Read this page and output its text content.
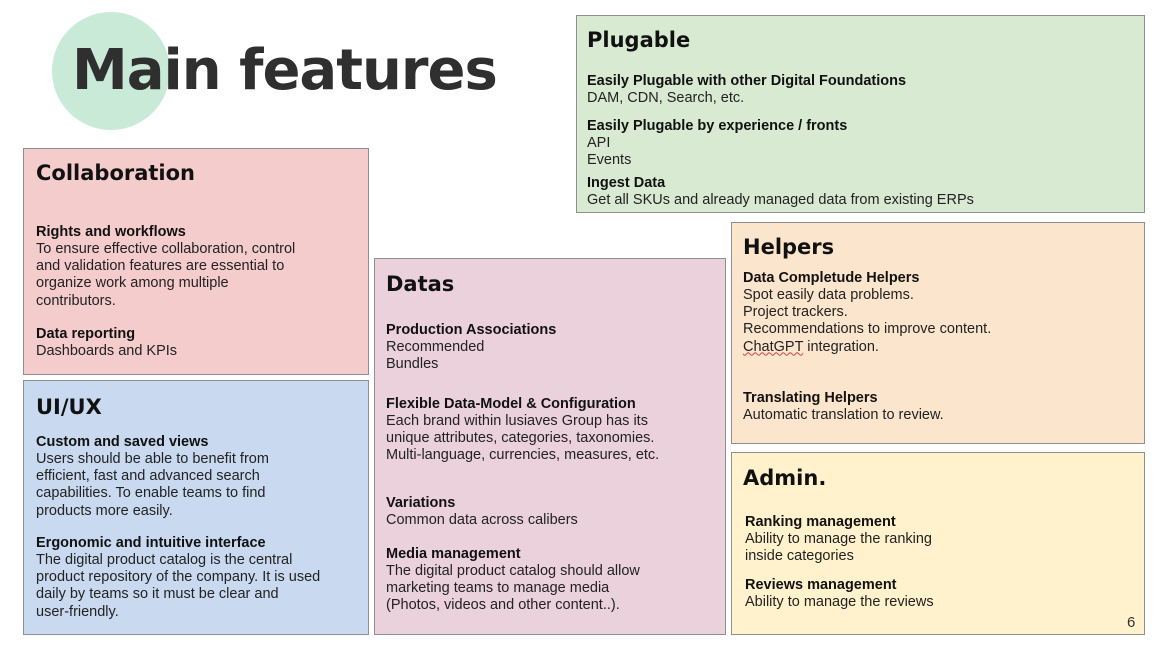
Main features	Plugable
Easily Plugable with other Digital Foundations
DAM, CDN, Search, etc.
Easily Plugable by experience / fronts
API
Events
Ingest Data
Get all SKUs and already managed data from existing ERPs
Collaboration
Rights and workflows
To ensure effective collaboration, control
and validation features are essential to
organize work among multiple
contributors.
Data reporting
Dashboards and KPIs
UI/UX
Custom and saved views
Users should be able to benefit from
efficient, fast and advanced search
capabilities. To enable teams to find
products more easily.
Ergonomic and intuitive interface
The digital product catalog is the central
product repository of the company. It is used
daily by teams so it must be clear and
user-friendly.
Datas
Production Associations
Recommended
Bundles
Flexible Data-Model & Configuration
Each brand within lusiaves Group has its
unique attributes, categories, taxonomies.
Multi-language, currencies, measures, etc.
Variations
Common data across calibers
Media management
The digital product catalog should allow
marketing teams to manage media
(Photos, videos and other content..).
Helpers
Data Completude Helpers
Spot easily data problems.
Project trackers.
Recommendations to improve content.
ChatGPT integration.
Translating Helpers
Automatic translation to review.
Admin.
Ranking management
Ability to manage the ranking
inside categories
Reviews management
Ability to manage the reviews
6
